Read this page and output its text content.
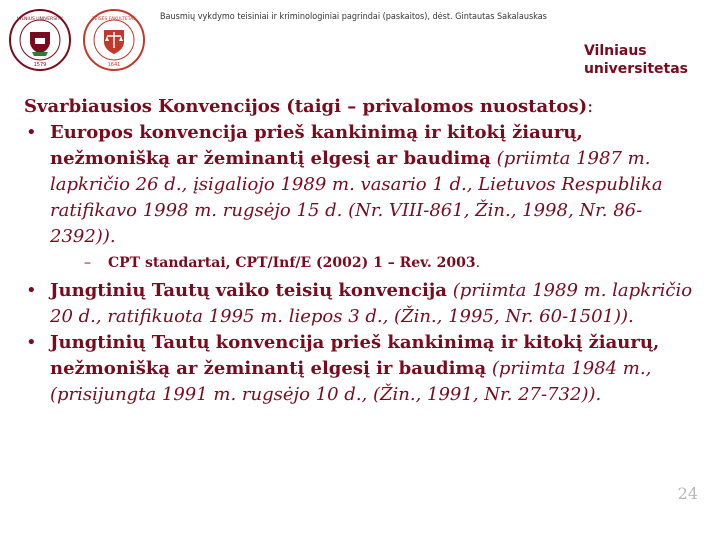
VILNIUS UNIVERSITY
1579
TEISĖS FAKULTETAS
1641
Bausmių vykdymo teisiniai ir kriminologiniai pagrindai (paskaitos), dėst. Gintautas Sakalauskas
Vilniaus
universitetas
Svarbiausios Konvencijos (taigi – privalomos nuostatos):
• Europos konvencija prieš kankinimą ir kitokį žiaurų, nežmonišką ar žeminantį elgesį ar baudimą (priimta 1987 m. lapkričio 26 d., įsigaliojo 1989 m. vasario 1 d., Lietuvos Respublika ratifikavo 1998 m. rugsėjo 15 d. (Nr. VIII-861, Žin., 1998, Nr. 86-2392)).
– CPT standartai, CPT/Inf/E (2002) 1 – Rev. 2003.
• Jungtinių Tautų vaiko teisių konvencija (priimta 1989 m. lapkričio 20 d., ratifikuota 1995 m. liepos 3 d., (Žin., 1995, Nr. 60-1501)).
• Jungtinių Tautų konvencija prieš kankinimą ir kitokį žiaurų, nežmonišką ar žeminantį elgesį ir baudimą (priimta 1984 m., (prisijungta 1991 m. rugsėjo 10 d., (Žin., 1991, Nr. 27-732)).
24
